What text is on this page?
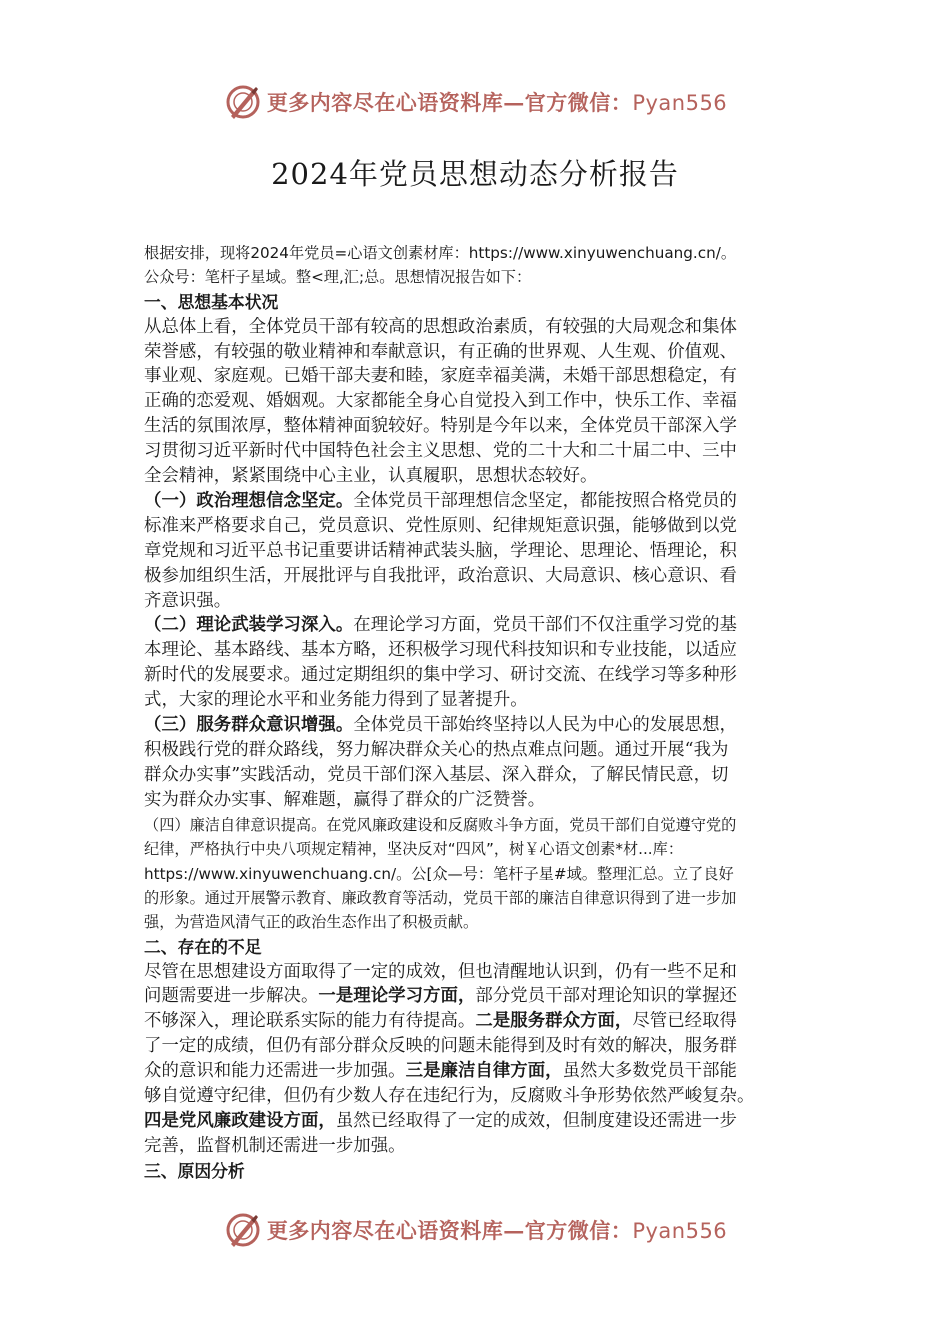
更多内容尽在心语资料库—官方微信：Pyan556
2024年党员思想动态分析报告

根据安排，现将2024年党员=心语文创素材库：https://www.xinyuwenchuang.cn/。

公众号：笔杆子星域。整<理,汇;总。思想情况报告如下：

一、思想基本状况

从总体上看，全体党员干部有较高的思想政治素质，有较强的大局观念和集体

荣誉感，有较强的敬业精神和奉献意识，有正确的世界观、人生观、价值观、

事业观、家庭观。已婚干部夫妻和睦，家庭幸福美满，未婚干部思想稳定，有

正确的恋爱观、婚姻观。大家都能全身心自觉投入到工作中，快乐工作、幸福

生活的氛围浓厚，整体精神面貌较好。特别是今年以来，全体党员干部深入学

习贯彻习近平新时代中国特色社会主义思想、党的二十大和二十届二中、三中

全会精神，紧紧围绕中心主业，认真履职，思想状态较好。

（一）政治理想信念坚定。全体党员干部理想信念坚定，都能按照合格党员的

标准来严格要求自己，党员意识、党性原则、纪律规矩意识强，能够做到以党

章党规和习近平总书记重要讲话精神武装头脑，学理论、思理论、悟理论，积

极参加组织生活，开展批评与自我批评，政治意识、大局意识、核心意识、看

齐意识强。

（二）理论武装学习深入。在理论学习方面，党员干部们不仅注重学习党的基

本理论、基本路线、基本方略，还积极学习现代科技知识和专业技能，以适应

新时代的发展要求。通过定期组织的集中学习、研讨交流、在线学习等多种形

式，大家的理论水平和业务能力得到了显著提升。

（三）服务群众意识增强。全体党员干部始终坚持以人民为中心的发展思想，

积极践行党的群众路线，努力解决群众关心的热点难点问题。通过开展“我为

群众办实事”实践活动，党员干部们深入基层、深入群众，了解民情民意，切

实为群众办实事、解难题，赢得了群众的广泛赞誉。

（四）廉洁自律意识提高。在党风廉政建设和反腐败斗争方面，党员干部们自觉遵守党的

纪律，严格执行中央八项规定精神，坚决反对“四风”，树￥心语文创素*材...库：

https://www.xinyuwenchuang.cn/。公[众—号：笔杆子星#域。整理汇总。立了良好

的形象。通过开展警示教育、廉政教育等活动，党员干部的廉洁自律意识得到了进一步加

强，为营造风清气正的政治生态作出了积极贡献。

二、存在的不足

尽管在思想建设方面取得了一定的成效，但也清醒地认识到，仍有一些不足和

问题需要进一步解决。一是理论学习方面，部分党员干部对理论知识的掌握还

不够深入，理论联系实际的能力有待提高。二是服务群众方面，尽管已经取得

了一定的成绩，但仍有部分群众反映的问题未能得到及时有效的解决，服务群

众的意识和能力还需进一步加强。三是廉洁自律方面，虽然大多数党员干部能

够自觉遵守纪律，但仍有少数人存在违纪行为，反腐败斗争形势依然严峻复杂。

四是党风廉政建设方面，虽然已经取得了一定的成效，但制度建设还需进一步

完善，监督机制还需进一步加强。

三、原因分析

更多内容尽在心语资料库—官方微信：Pyan556
